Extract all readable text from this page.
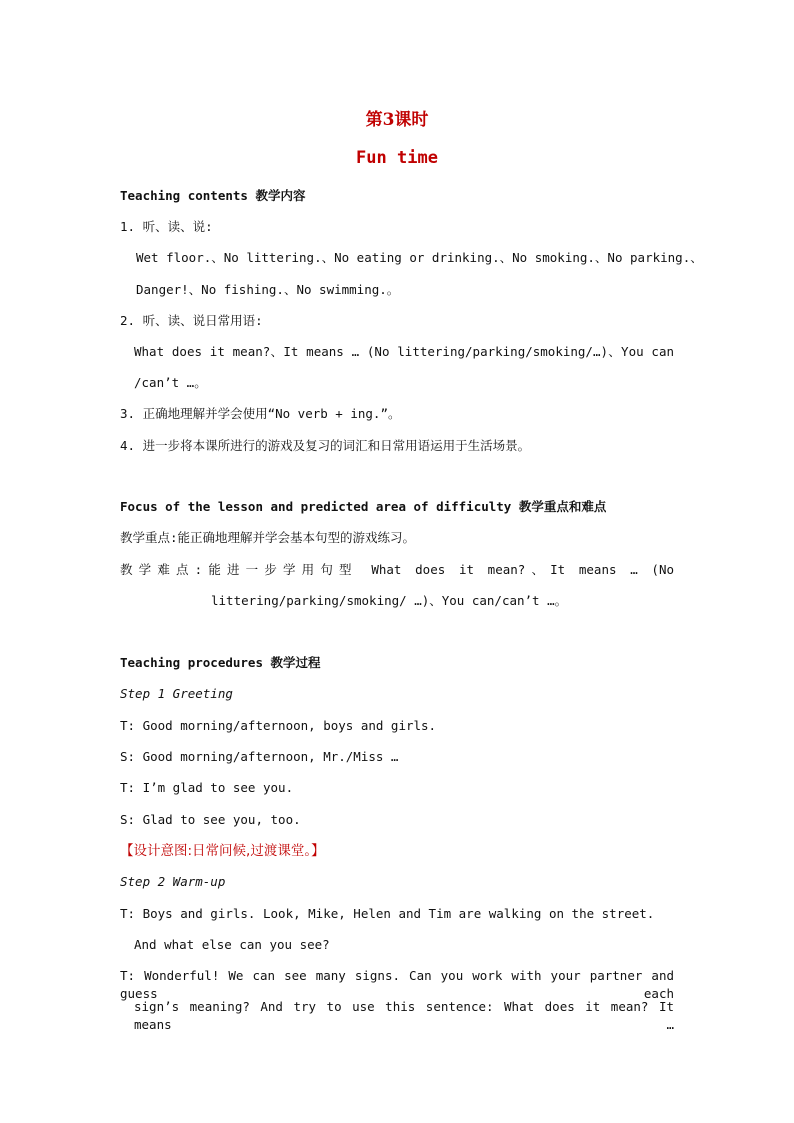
第3课时
Fun time
Teaching contents 教学内容
1. 听、读、说:
Wet floor.、No littering.、No eating or drinking.、No smoking.、No parking.、
Danger!、No fishing.、No swimming.。
2. 听、读、说日常用语:
What does it mean?、It means … (No littering/parking/smoking/…)、You can
/can’t …。
3. 正确地理解并学会使用“No verb + ing.”。
4. 进一步将本课所进行的游戏及复习的词汇和日常用语运用于生活场景。
Focus of the lesson and predicted area of difficulty 教学重点和难点
教学重点:能正确地理解并学会基本句型的游戏练习。
教学难点:能进一步学用句型 What does it mean?、It means … (No
littering/parking/smoking/ …)、You can/can’t …。
Teaching procedures 教学过程
Step 1 Greeting
T: Good morning/afternoon, boys and girls.
S: Good morning/afternoon, Mr./Miss …
T: I’m glad to see you.
S: Glad to see you, too.
【设计意图:日常问候,过渡课堂。】
Step 2 Warm-up
T: Boys and girls. Look, Mike, Helen and Tim are walking on the street.
And what else can you see?
T: Wonderful! We can see many signs. Can you work with your partner and guess each
sign’s meaning? And try to use this sentence: What does it mean? It means …
